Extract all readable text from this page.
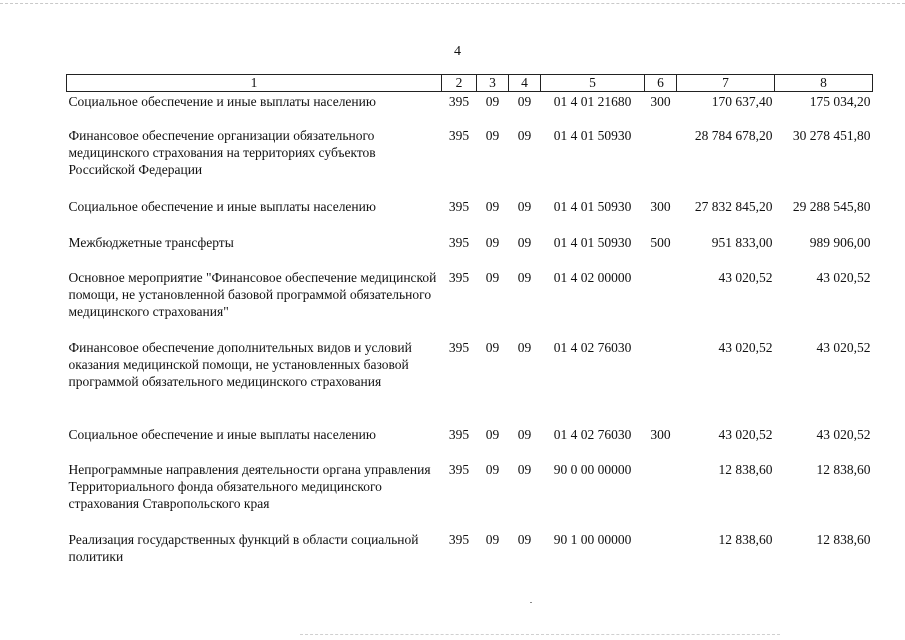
4
1	2	3	4	5	6	7	8
Социальное обеспечение и иные выплаты населению	395	09	09	01 4 01 21680	300	170 637,40	175 034,20
Финансовое обеспечение организации обязательного медицинского страхования на территориях субъектов Российской Федерации	395	09	09	01 4 01 50930		28 784 678,20	30 278 451,80
Социальное обеспечение и иные выплаты населению	395	09	09	01 4 01 50930	300	27 832 845,20	29 288 545,80
Межбюджетные трансферты	395	09	09	01 4 01 50930	500	951 833,00	989 906,00
Основное мероприятие "Финансовое обеспечение медицинской помощи, не установленной базовой программой обязательного медицинского страхования"	395	09	09	01 4 02 00000		43 020,52	43 020,52
Финансовое обеспечение дополнительных видов и условий оказания медицинской помощи, не установленных базовой программой обязательного медицинского страхования	395	09	09	01 4 02 76030		43 020,52	43 020,52
Социальное обеспечение и иные выплаты населению	395	09	09	01 4 02 76030	300	43 020,52	43 020,52
Непрограммные направления деятельности органа управления Территориального фонда обязательного медицинского страхования Ставропольского края	395	09	09	90 0 00 00000		12 838,60	12 838,60
Реализация государственных функций в области социальной политики	395	09	09	90 1 00 00000		12 838,60	12 838,60
